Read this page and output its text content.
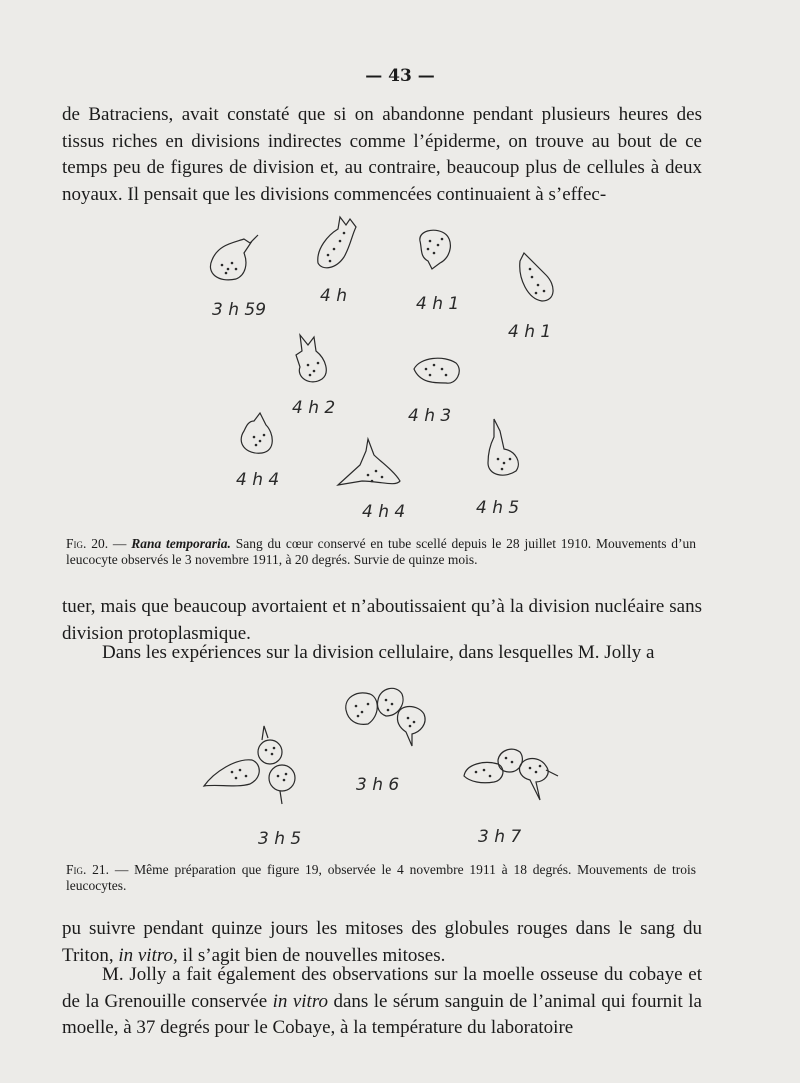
— 43 —

de Batraciens, avait constaté que si on abandonne pendant plusieurs heures des tissus riches en divisions indirectes comme l’épiderme, on trouve au bout de ce temps peu de figures de division et, au contraire, beaucoup plus de cellules à deux noyaux. Il pensait que les divisions commencées continuaient à s’effec-

3 h 59
4 h	4 h 1
4 h 1
4 h 2	4 h 3
4 h 4
4 h 4	4 h 5

Fig. 20. — Rana temporaria. Sang du cœur conservé en tube scellé depuis le 28 juillet 1910. Mouvements d’un leucocyte observés le 3 novembre 1911, à 20 degrés. Survie de quinze mois.

tuer, mais que beaucoup avortaient et n’aboutissaient qu’à la division nucléaire sans division protoplasmique.

Dans les expériences sur la division cellulaire, dans lesquelles M. Jolly a

3 h 5
3 h 6
3 h 7

Fig. 21. — Même préparation que figure 19, observée le 4 novembre 1911 à 18 degrés. Mouvements de trois leucocytes.

pu suivre pendant quinze jours les mitoses des globules rouges dans le sang du Triton, in vitro, il s’agit bien de nouvelles mitoses.

M. Jolly a fait également des observations sur la moelle osseuse du cobaye et de la Grenouille conservée in vitro dans le sérum sanguin de l’animal qui fournit la moelle, à 37 degrés pour le Cobaye, à la température du laboratoire
